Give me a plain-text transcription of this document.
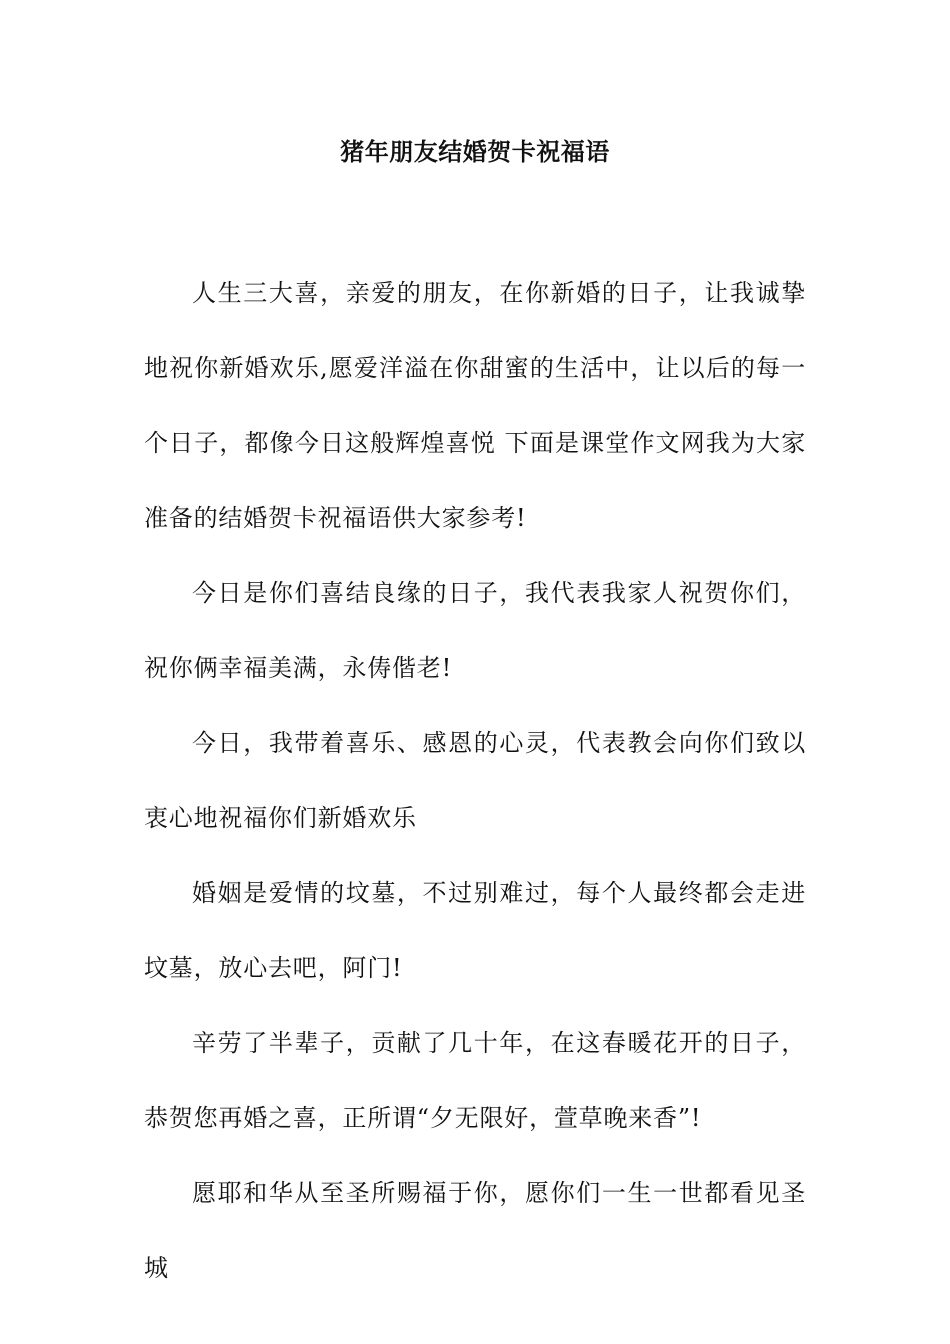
猪年朋友结婚贺卡祝福语

人生三大喜，亲爱的朋友，在你新婚的日子，让我诚挚地祝你新婚欢乐,愿爱洋溢在你甜蜜的生活中，让以后的每一个日子，都像今日这般辉煌喜悦 下面是课堂作文网我为大家准备的结婚贺卡祝福语供大家参考!

今日是你们喜结良缘的日子，我代表我家人祝贺你们，祝你俩幸福美满，永俦偕老!

今日，我带着喜乐、感恩的心灵，代表教会向你们致以衷心地祝福你们新婚欢乐

婚姻是爱情的坟墓，不过别难过，每个人最终都会走进坟墓，放心去吧，阿门!

辛劳了半辈子，贡献了几十年，在这春暖花开的日子，恭贺您再婚之喜，正所谓“夕无限好，萱草晚来香”!

愿耶和华从至圣所赐福于你，愿你们一生一世都看见圣城
